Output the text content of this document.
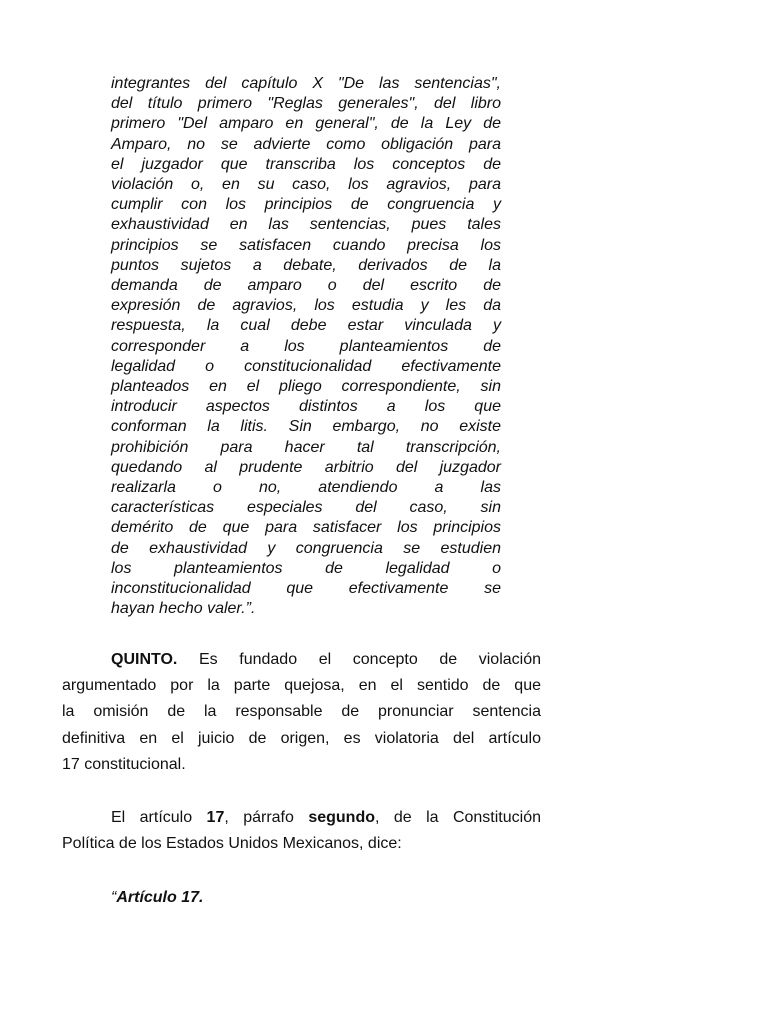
integrantes del capítulo X "De las sentencias",
del título primero "Reglas generales", del libro
primero "Del amparo en general", de la Ley de
Amparo, no se advierte como obligación para
el juzgador que transcriba los conceptos de
violación o, en su caso, los agravios, para
cumplir con los principios de congruencia y
exhaustividad en las sentencias, pues tales
principios se satisfacen cuando precisa los
puntos sujetos a debate, derivados de la
demanda de amparo o del escrito de
expresión de agravios, los estudia y les da
respuesta, la cual debe estar vinculada y
corresponder a los planteamientos de
legalidad o constitucionalidad efectivamente
planteados en el pliego correspondiente, sin
introducir aspectos distintos a los que
conforman la litis. Sin embargo, no existe
prohibición para hacer tal transcripción,
quedando al prudente arbitrio del juzgador
realizarla o no, atendiendo a las
características especiales del caso, sin
demérito de que para satisfacer los principios
de exhaustividad y congruencia se estudien
los planteamientos de legalidad o
inconstitucionalidad que efectivamente se
hayan hecho valer.”.
QUINTO. Es fundado el concepto de violación
argumentado por la parte quejosa, en el sentido de que
la omisión de la responsable de pronunciar sentencia
definitiva en el juicio de origen, es violatoria del artículo
17 constitucional.
El artículo 17, párrafo segundo, de la Constitución
Política de los Estados Unidos Mexicanos, dice:
“Artículo 17.
